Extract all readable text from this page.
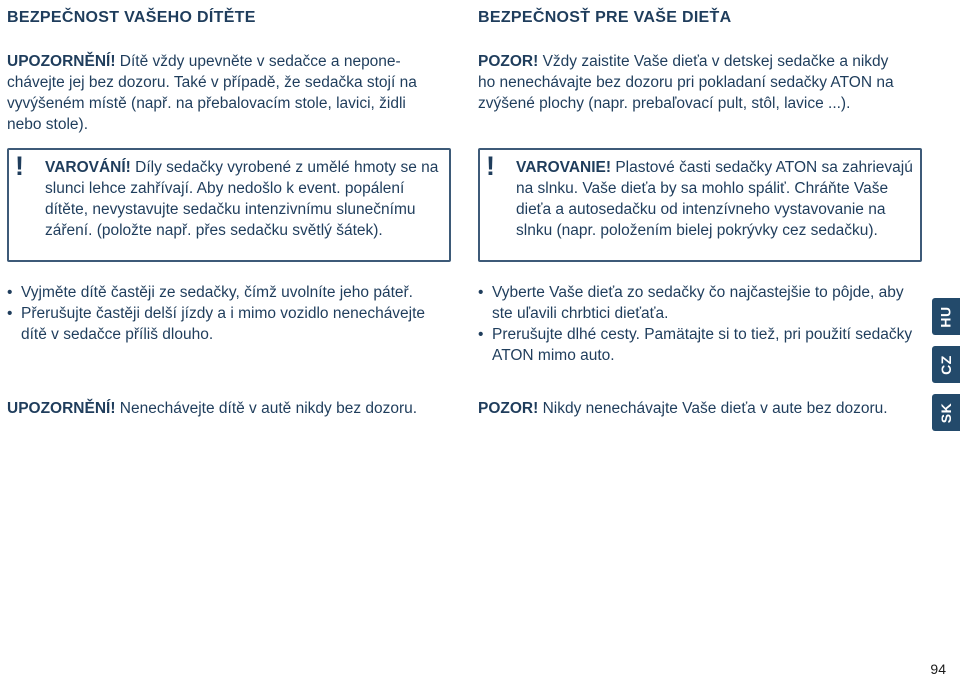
BEZPEČNOST VAŠEHO DÍTĚTE

UPOZORNĚNÍ! Dítě vždy upevněte v sedačce a neponechávejte jej bez dozoru. Také v případě, že sedačka stojí na vyvýšeném místě (např. na přebalovacím stole, lavici, židli nebo stole).

! VAROVÁNÍ! Díly sedačky vyrobené z umělé hmoty se na slunci lehce zahřívají. Aby nedošlo k event. popálení dítěte, nevystavujte sedačku intenzivnímu slunečnímu záření. (položte např. přes sedačku světlý šátek).
• Vyjměte dítě častěji ze sedačky, čímž uvolníte jeho páteř.
• Přerušujte častěji delší jízdy a i mimo vozidlo nenechávejte dítě v sedačce příliš dlouho.

UPOZORNĚNÍ! Nenechávejte dítě v autě nikdy bez dozoru.

BEZPEČNOSŤ PRE VAŠE DIEŤA

POZOR! Vždy zaistite Vaše dieťa v detskej sedačke a nikdy ho nenechávajte bez dozoru pri pokladaní sedačky ATON na zvýšené plochy (napr. prebaľovací pult, stôl, lavice ...).

! VAROVANIE! Plastové časti sedačky ATON sa zahrievajú na slnku. Vaše dieťa by sa mohlo spáliť. Chráňte Vaše dieťa a autosedačku od intenzívneho vystavovanie na slnku (napr. položením bielej pokrývky cez sedačku).
• Vyberte Vaše dieťa zo sedačky čo najčastejšie to pôjde, aby ste uľavili chrbtici dieťaťa.
• Prerušujte dlhé cesty. Pamätajte si to tiež, pri použití sedačky ATON mimo auto.

POZOR! Nikdy nenechávajte Vaše dieťa v aute bez dozoru.

HU
CZ
SK
94
